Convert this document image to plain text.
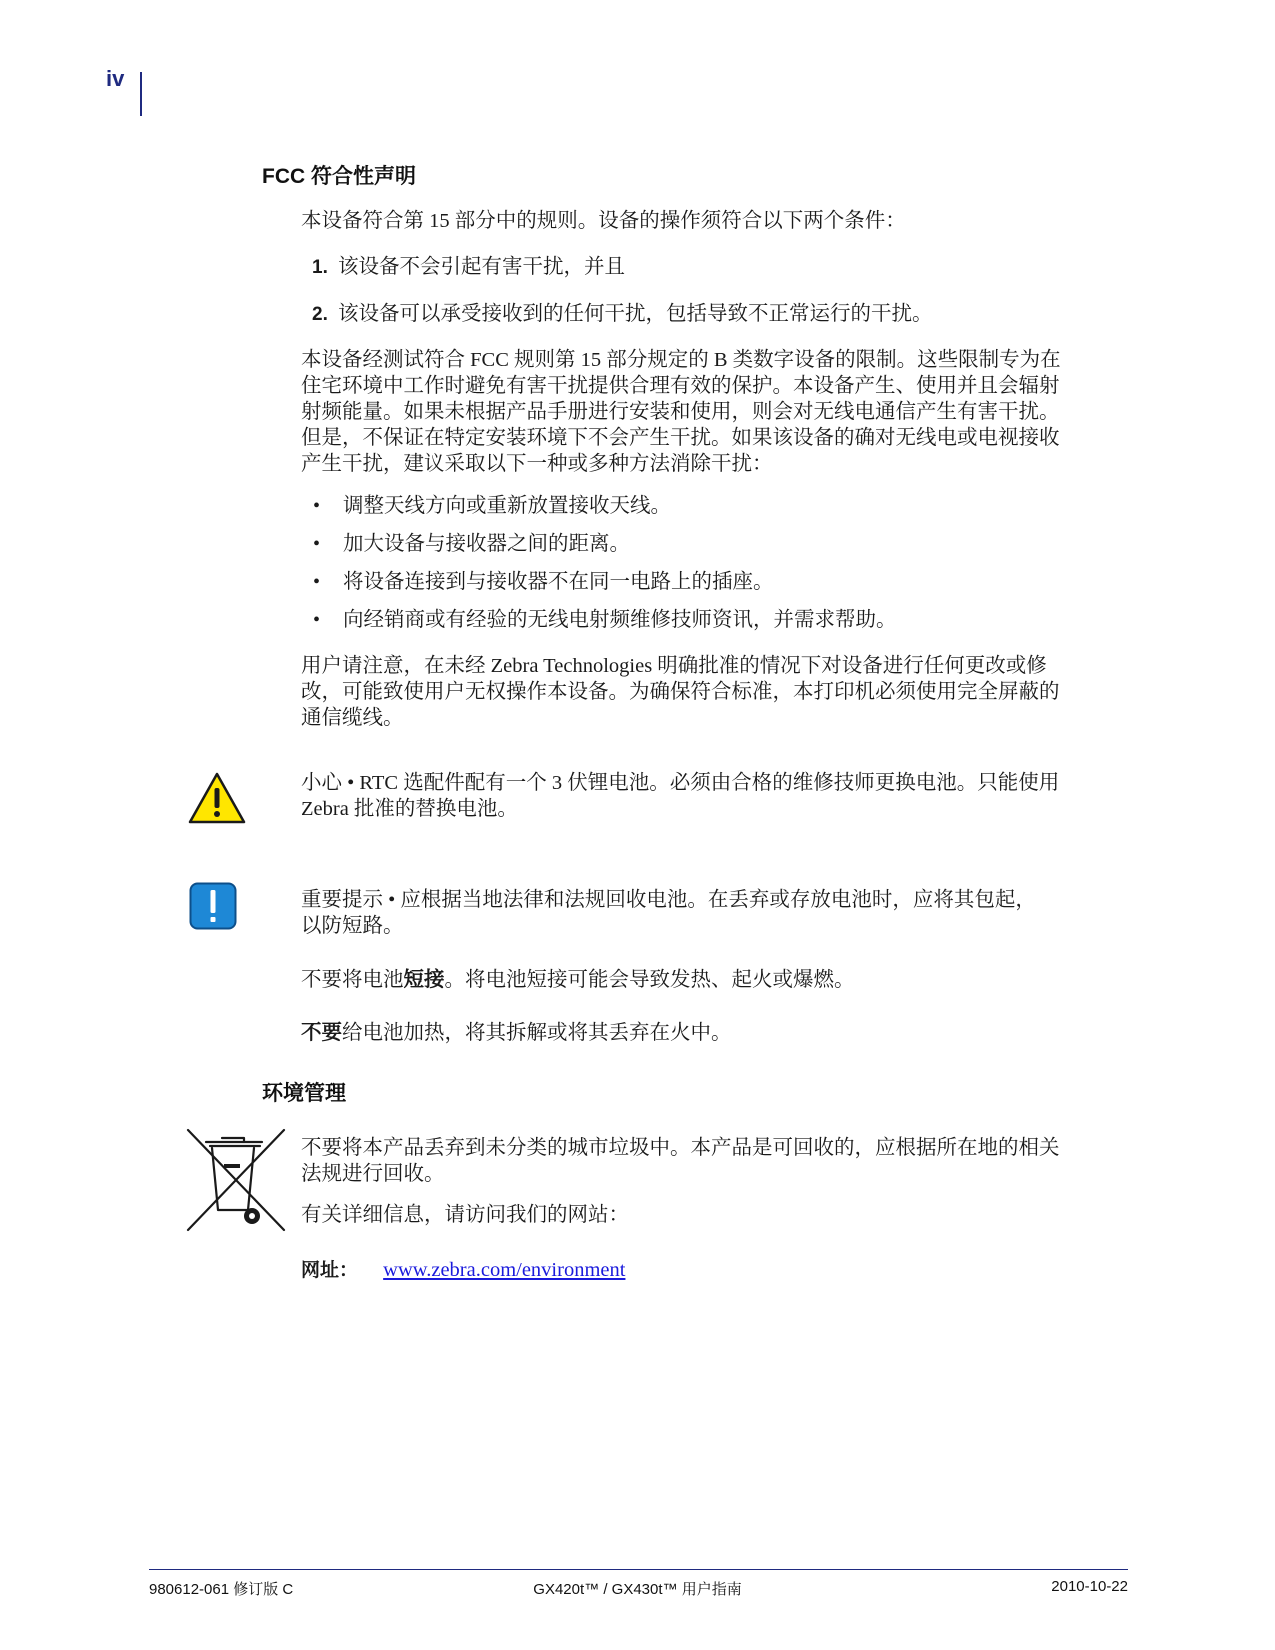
iv
FCC 符合性声明
本设备符合第 15 部分中的规则。设备的操作须符合以下两个条件：
1. 该设备不会引起有害干扰，并且
2. 该设备可以承受接收到的任何干扰，包括导致不正常运行的干扰。
本设备经测试符合 FCC 规则第 15 部分规定的 B 类数字设备的限制。这些限制专为在
住宅环境中工作时避免有害干扰提供合理有效的保护。本设备产生、使用并且会辐射
射频能量。如果未根据产品手册进行安装和使用，则会对无线电通信产生有害干扰。
但是，不保证在特定安装环境下不会产生干扰。如果该设备的确对无线电或电视接收
产生干扰，建议采取以下一种或多种方法消除干扰：
• 调整天线方向或重新放置接收天线。
• 加大设备与接收器之间的距离。
• 将设备连接到与接收器不在同一电路上的插座。
• 向经销商或有经验的无线电射频维修技师资讯，并需求帮助。
用户请注意，在未经 Zebra Technologies 明确批准的情况下对设备进行任何更改或修
改，可能致使用户无权操作本设备。为确保符合标准，本打印机必须使用完全屏蔽的
通信缆线。
小心 • RTC 选配件配有一个 3 伏锂电池。必须由合格的维修技师更换电池。只能使用
Zebra 批准的替换电池。
重要提示 • 应根据当地法律和法规回收电池。在丢弃或存放电池时，应将其包起，
以防短路。
不要将电池短接。将电池短接可能会导致发热、起火或爆燃。
不要给电池加热，将其拆解或将其丢弃在火中。
环境管理
不要将本产品丢弃到未分类的城市垃圾中。本产品是可回收的，应根据所在地的相关
法规进行回收。
有关详细信息，请访问我们的网站：
网址： www.zebra.com/environment
980612-061 修订版 C	GX420t™ / GX430t™ 用户指南	2010-10-22
